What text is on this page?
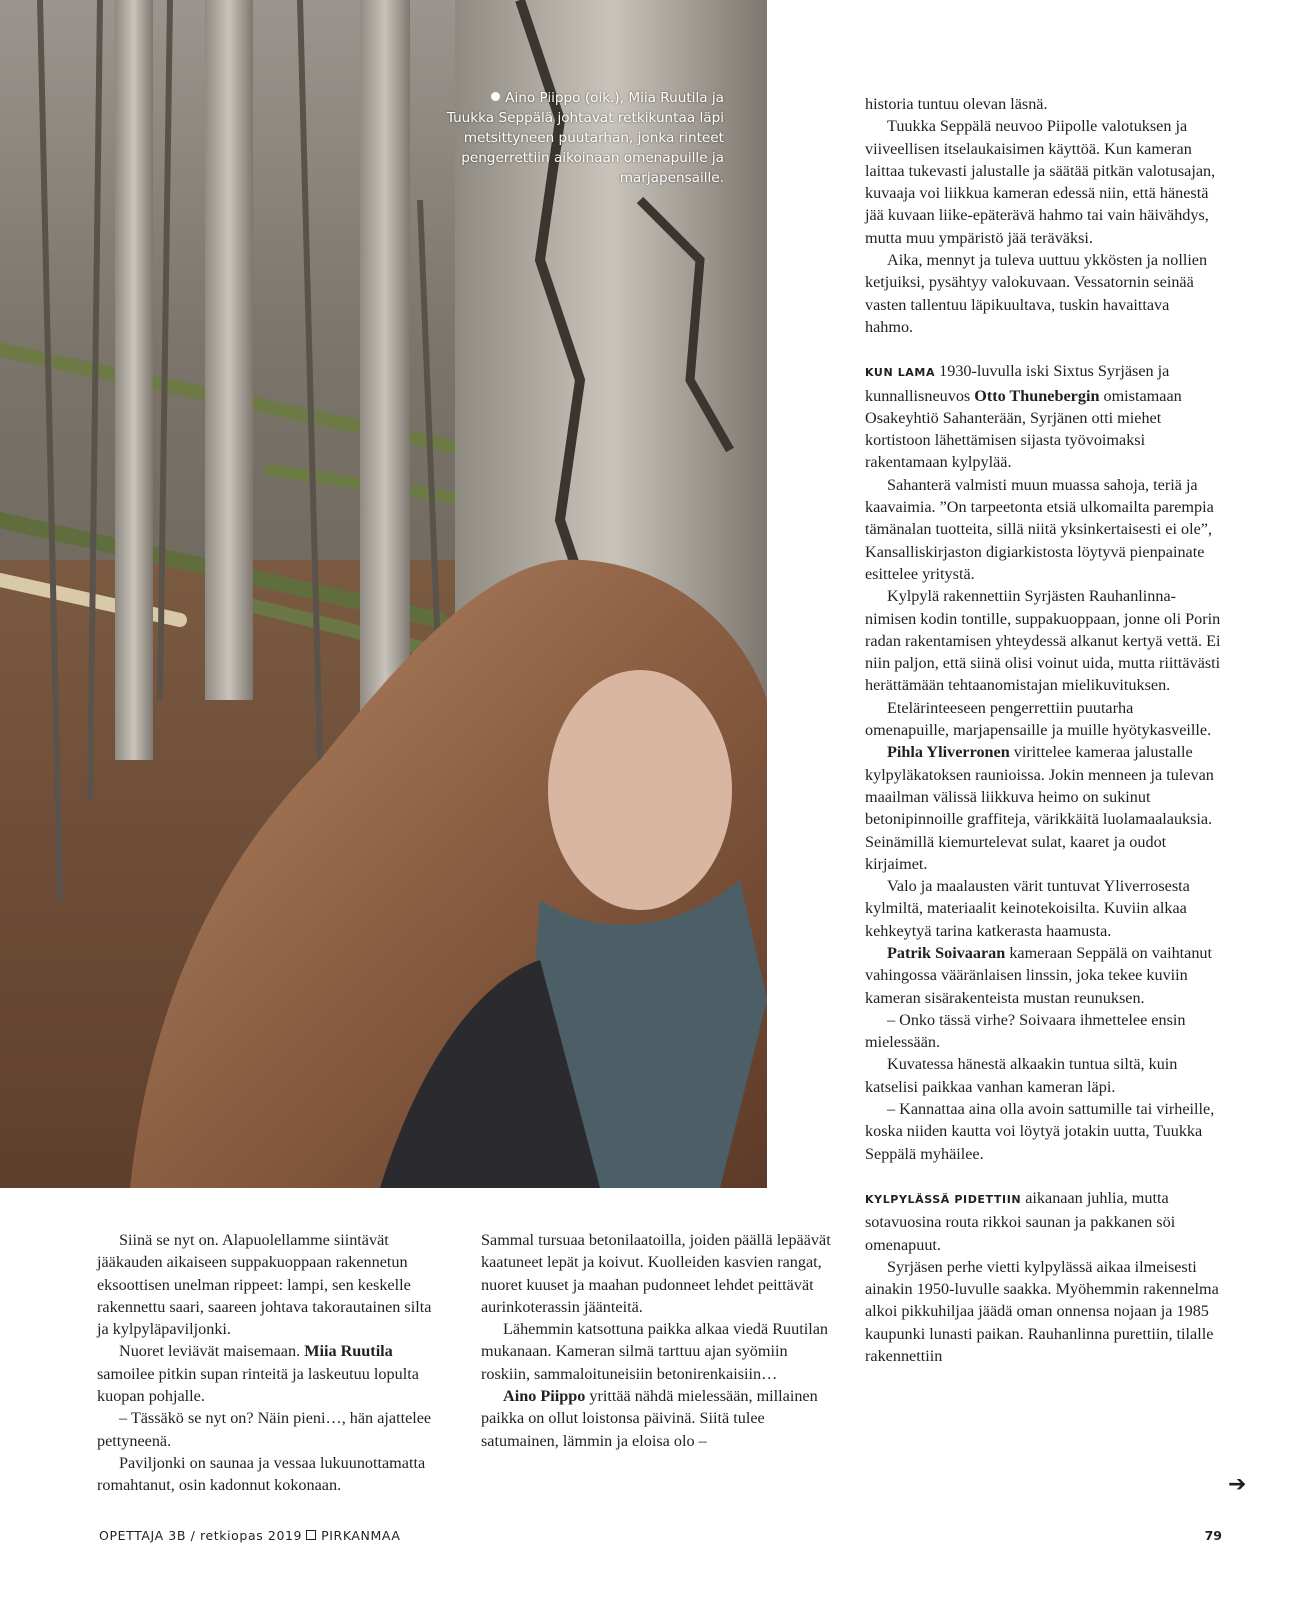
Aino Piippo (oik.), Miia Ruutila ja Tuukka Seppälä johtavat retkikuntaa läpi metsittyneen puutarhan, jonka rinteet pengerrettiin aikoinaan omenapuille ja marjapensaille.

Siinä se nyt on. Alapuolellamme siintävät jääkauden aikaiseen suppakuoppaan rakennetun eksoottisen unelman rippeet: lampi, sen keskelle rakennettu saari, saareen johtava takorautainen silta ja kylpyläpaviljonki.

Nuoret leviävät maisemaan. Miia Ruutila samoilee pitkin supan rinteitä ja laskeutuu lopulta kuopan pohjalle.

– Tässäkö se nyt on? Näin pieni…, hän ajattelee pettyneenä.

Paviljonki on saunaa ja vessaa lukuunottamatta romahtanut, osin kadonnut kokonaan.

Sammal tursuaa betonilaatoilla, joiden päällä lepäävät kaatuneet lepät ja koivut. Kuolleiden kasvien rangat, nuoret kuuset ja maahan pudonneet lehdet peittävät aurinkoterassin jäänteitä.

Lähemmin katsottuna paikka alkaa viedä Ruutilan mukanaan. Kameran silmä tarttuu ajan syömiin roskiin, sammaloituneisiin betonirenkaisiin…

Aino Piippo yrittää nähdä mielessään, millainen paikka on ollut loistonsa päivinä. Siitä tulee satumainen, lämmin ja eloisa olo –

historia tuntuu olevan läsnä.

Tuukka Seppälä neuvoo Piipolle valotuksen ja viiveellisen itselaukaisimen käyttöä. Kun kameran laittaa tukevasti jalustalle ja säätää pitkän valotusajan, kuvaaja voi liikkua kameran edessä niin, että hänestä jää kuvaan liike-epäterävä hahmo tai vain häivähdys, mutta muu ympäristö jää teräväksi.

Aika, mennyt ja tuleva uuttuu ykkösten ja nollien ketjuiksi, pysähtyy valokuvaan. Vessatornin seinää vasten tallentuu läpikuultava, tuskin havaittava hahmo.

KUN LAMA 1930-luvulla iski Sixtus Syrjäsen ja kunnallisneuvos Otto Thunebergin omistamaan Osakeyhtiö Sahanterään, Syrjänen otti miehet kortistoon lähettämisen sijasta työvoimaksi rakentamaan kylpylää.

Sahanterä valmisti muun muassa sahoja, teriä ja kaavaimia. ”On tarpeetonta etsiä ulkomailta parempia tämänalan tuotteita, sillä niitä yksinkertaisesti ei ole”, Kansalliskirjaston digiarkistosta löytyvä pienpainate esittelee yritystä.

Kylpylä rakennettiin Syrjästen Rauhanlinna-nimisen kodin tontille, suppakuoppaan, jonne oli Porin radan rakentamisen yhteydessä alkanut kertyä vettä. Ei niin paljon, että siinä olisi voinut uida, mutta riittävästi herättämään tehtaanomistajan mielikuvituksen.

Etelärinteeseen pengerrettiin puutarha omenapuille, marjapensaille ja muille hyötykasveille.

Pihla Yliverronen virittelee kameraa jalustalle kylpyläkatoksen raunioissa. Jokin menneen ja tulevan maailman välissä liikkuva heimo on sukinut betonipinnoille graffiteja, värikkäitä luolamaalauksia. Seinämillä kiemurtelevat sulat, kaaret ja oudot kirjaimet.

Valo ja maalausten värit tuntuvat Yliverrosesta kylmiltä, materiaalit keinotekoisilta. Kuviin alkaa kehkeytyä tarina katkerasta haamusta.

Patrik Soivaaran kameraan Seppälä on vaihtanut vahingossa vääränlaisen linssin, joka tekee kuviin kameran sisärakenteista mustan reunuksen.

– Onko tässä virhe? Soivaara ihmettelee ensin mielessään.

Kuvatessa hänestä alkaakin tuntua siltä, kuin katselisi paikkaa vanhan kameran läpi.

– Kannattaa aina olla avoin sattumille tai virheille, koska niiden kautta voi löytyä jotakin uutta, Tuukka Seppälä myhäilee.

KYLPYLÄSSÄ PIDETTIIN aikanaan juhlia, mutta sotavuosina routa rikkoi saunan ja pakkanen söi omenapuut.

Syrjäsen perhe vietti kylpylässä aikaa ilmeisesti ainakin 1950-luvulle saakka. Myöhemmin rakennelma alkoi pikkuhiljaa jäädä oman onnensa nojaan ja 1985 kaupunki lunasti paikan. Rauhanlinna purettiin, tilalle rakennettiin

➔
OPETTAJA 3B / retkiopas 2019 PIRKANMAA	79
